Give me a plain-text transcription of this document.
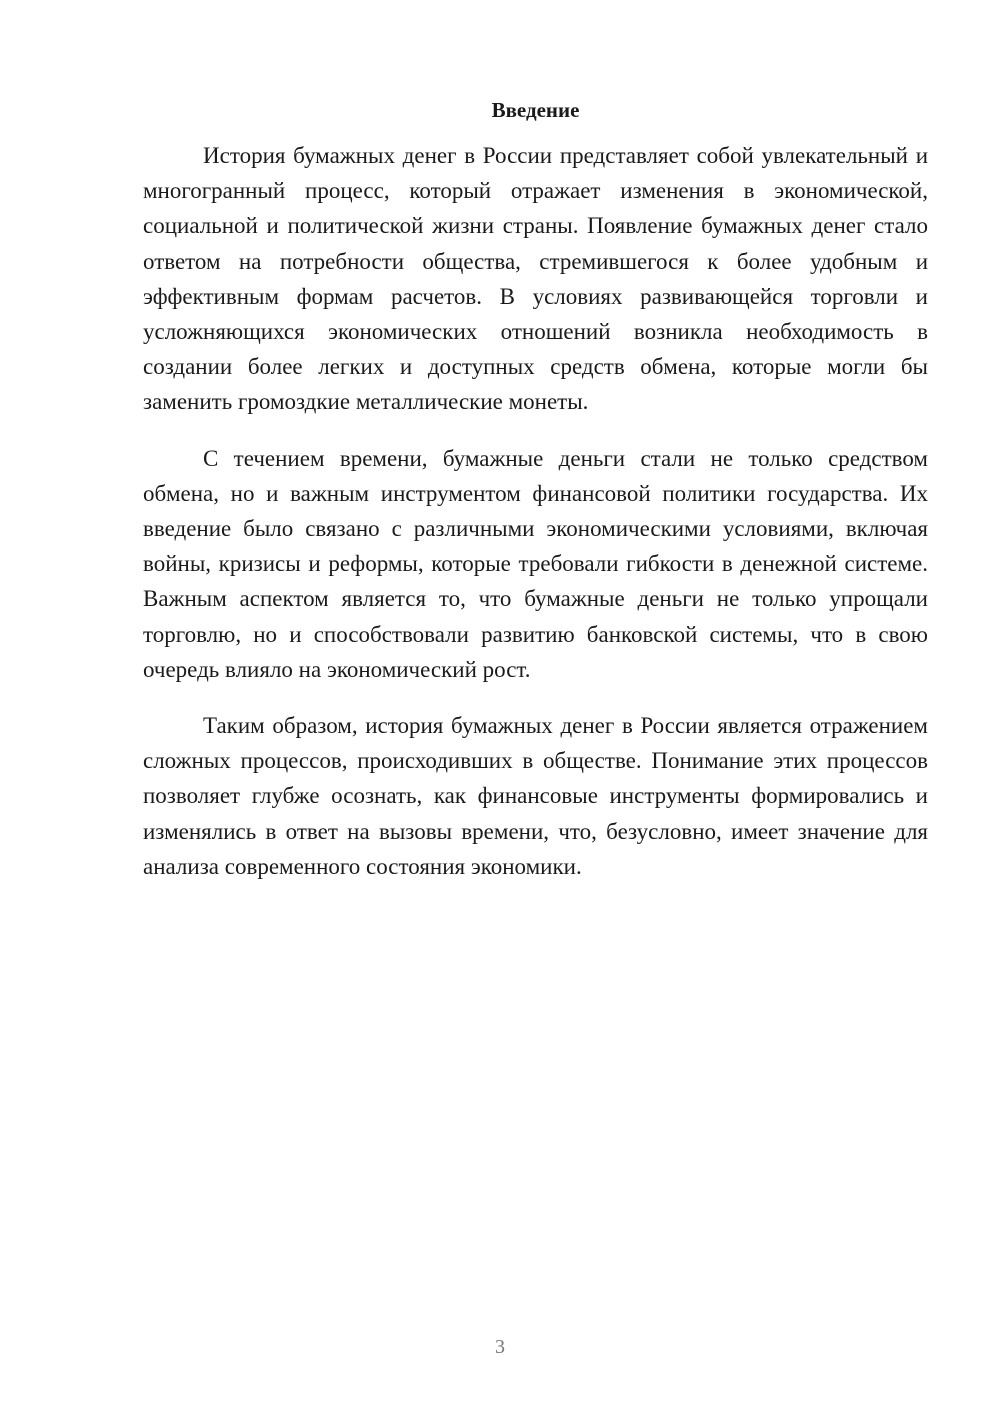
Введение

История бумажных денег в России представляет собой увлекательный и многогранный процесс, который отражает изменения в экономической, социальной и политической жизни страны. Появление бумажных денег стало ответом на потребности общества, стремившегося к более удобным и эффективным формам расчетов. В условиях развивающейся торговли и усложняющихся экономических отношений возникла необходимость в создании более легких и доступных средств обмена, которые могли бы заменить громоздкие металлические монеты.

С течением времени, бумажные деньги стали не только средством обмена, но и важным инструментом финансовой политики государства. Их введение было связано с различными экономическими условиями, включая войны, кризисы и реформы, которые требовали гибкости в денежной системе. Важным аспектом является то, что бумажные деньги не только упрощали торговлю, но и способствовали развитию банковской системы, что в свою очередь влияло на экономический рост.

Таким образом, история бумажных денег в России является отражением сложных процессов, происходивших в обществе. Понимание этих процессов позволяет глубже осознать, как финансовые инструменты формировались и изменялись в ответ на вызовы времени, что, безусловно, имеет значение для анализа современного состояния экономики.

3
